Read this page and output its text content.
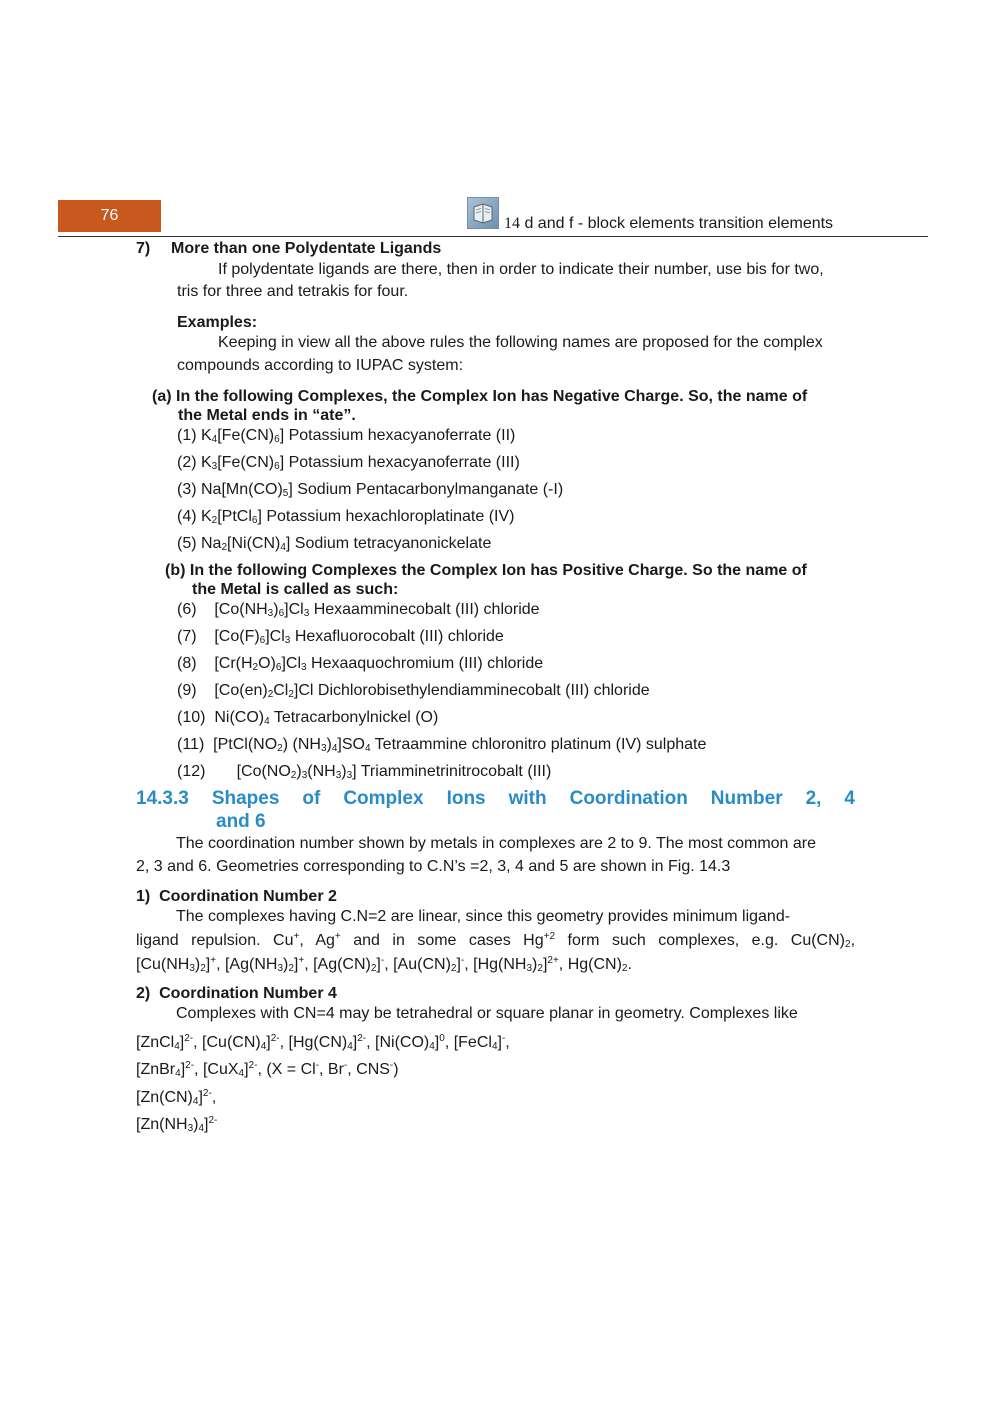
76	14 d and f - block elements transition elements
7) More than one Polydentate Ligands
If polydentate ligands are there, then in order to indicate their number, use bis for two,
tris for three and tetrakis for four.
Examples:
Keeping in view all the above rules the following names are proposed for the complex
compounds according to IUPAC system:
(a) In the following Complexes, the Complex Ion has Negative Charge. So, the name of
the Metal ends in “ate”.
(1) $K_4[Fe(CN)_6]$ Potassium hexacyanoferrate (II)
(2) $K_3[Fe(CN)_6]$ Potassium hexacyanoferrate (III)
(3) $Na[Mn(CO)_5]$ Sodium Pentacarbonylmanganate (-I)
(4) $K_2[PtCl_6]$ Potassium hexachloroplatinate (IV)
(5) $Na_2[Ni(CN)_4]$ Sodium tetracyanonickelate
(b) In the following Complexes the Complex Ion has Positive Charge. So the name of
the Metal is called as such:
(6)    $[Co(NH_3)_6]Cl_3$ Hexaamminecobalt (III) chloride
(7)    $[Co(F)_6]Cl_3$ Hexafluorocobalt (III) chloride
(8)    $[Cr(H_2O)_6]Cl_3$ Hexaaquochromium (III) chloride
(9)    $[Co(en)_2Cl_2]Cl$ Dichlorobisethylendiamminecobalt (III) chloride
(10)  $Ni(CO)_4$ Tetracarbonylnickel (O)
(11)  [$PtCl(NO_2)$ $(NH_3)_4]SO_4$ Tetraammine chloronitro platinum (IV) sulphate
(12)       $[Co(NO_2)_3(NH_3)_3]$ Triamminetrinitrocobalt (III)
14.3.3  Shapes  of  Complex  Ions  with  Coordination  Number  2,  4
and 6
The coordination number shown by metals in complexes are 2 to 9. The most common are
2, 3 and 6. Geometries corresponding to C.N’s =2, 3, 4 and 5 are shown in Fig. 14.3
1)  Coordination Number 2
The complexes having C.N=2 are linear, since this geometry provides minimum ligand-
ligand repulsion. Cu+, Ag+ and in some cases $Hg^{+2}$ form such complexes, e.g. $Cu(CN)_2$,
$[Cu(NH_3)_2]^+$, $[Ag(NH_3)_2]^+$, $[Ag(CN)_2]^-$, $[Au(CN)_2]^-$, $[Hg(NH_3)_2]^{2+}$, $Hg(CN)_2$.
2)  Coordination Number 4
Complexes with CN=4 may be tetrahedral or square planar in geometry. Complexes like
[ZnCl$_4$]$^{2-}$, $[Cu(CN)_4]^{2-}$, $[Hg(CN)_4]^{2-}$, $[Ni(CO)_4]^0$, [FeCl$_4$]-,
[ZnBr$_4$]$^{2-}$, $[CuX_4]^{2-}$, (X = Cl-, Br-, CNS-)
$[Zn(CN)_4]^{2-}$,
$[Zn(NH_3)_4]^{2-}$
